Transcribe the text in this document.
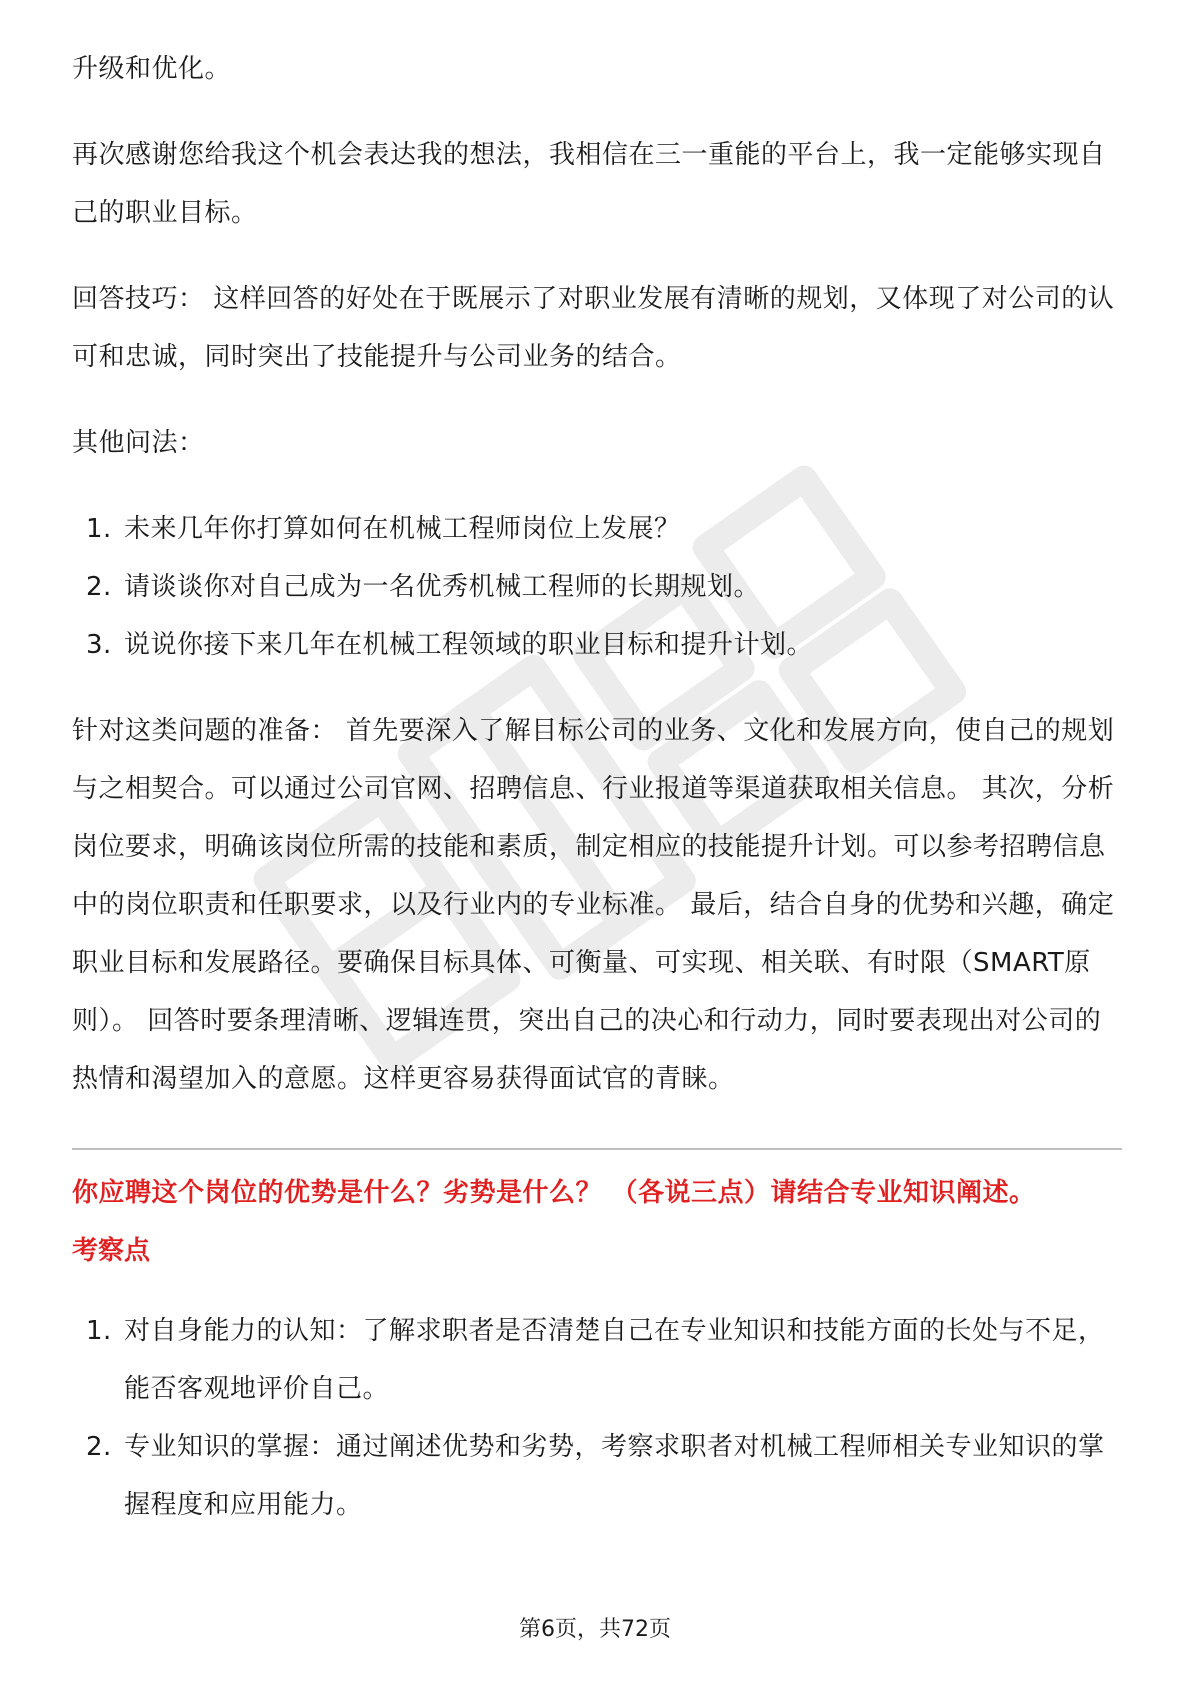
升级和优化。

再次感谢您给我这个机会表达我的想法，我相信在三一重能的平台上，我一定能够实现自己的职业目标。

回答技巧： 这样回答的好处在于既展示了对职业发展有清晰的规划，又体现了对公司的认可和忠诚，同时突出了技能提升与公司业务的结合。

其他问法：

1. 未来几年你打算如何在机械工程师岗位上发展？
2. 请谈谈你对自己成为一名优秀机械工程师的长期规划。
3. 说说你接下来几年在机械工程领域的职业目标和提升计划。

针对这类问题的准备： 首先要深入了解目标公司的业务、文化和发展方向，使自己的规划与之相契合。可以通过公司官网、招聘信息、行业报道等渠道获取相关信息。 其次，分析岗位要求，明确该岗位所需的技能和素质，制定相应的技能提升计划。可以参考招聘信息中的岗位职责和任职要求，以及行业内的专业标准。 最后，结合自身的优势和兴趣，确定职业目标和发展路径。要确保目标具体、可衡量、可实现、相关联、有时限（SMART原则）。 回答时要条理清晰、逻辑连贯，突出自己的决心和行动力，同时要表现出对公司的热情和渴望加入的意愿。这样更容易获得面试官的青睐。

你应聘这个岗位的优势是什么？劣势是什么？ （各说三点）请结合专业知识阐述。

考察点

1. 对自身能力的认知：了解求职者是否清楚自己在专业知识和技能方面的长处与不足，能否客观地评价自己。
2. 专业知识的掌握：通过阐述优势和劣势，考察求职者对机械工程师相关专业知识的掌握程度和应用能力。
第6页，共72页
